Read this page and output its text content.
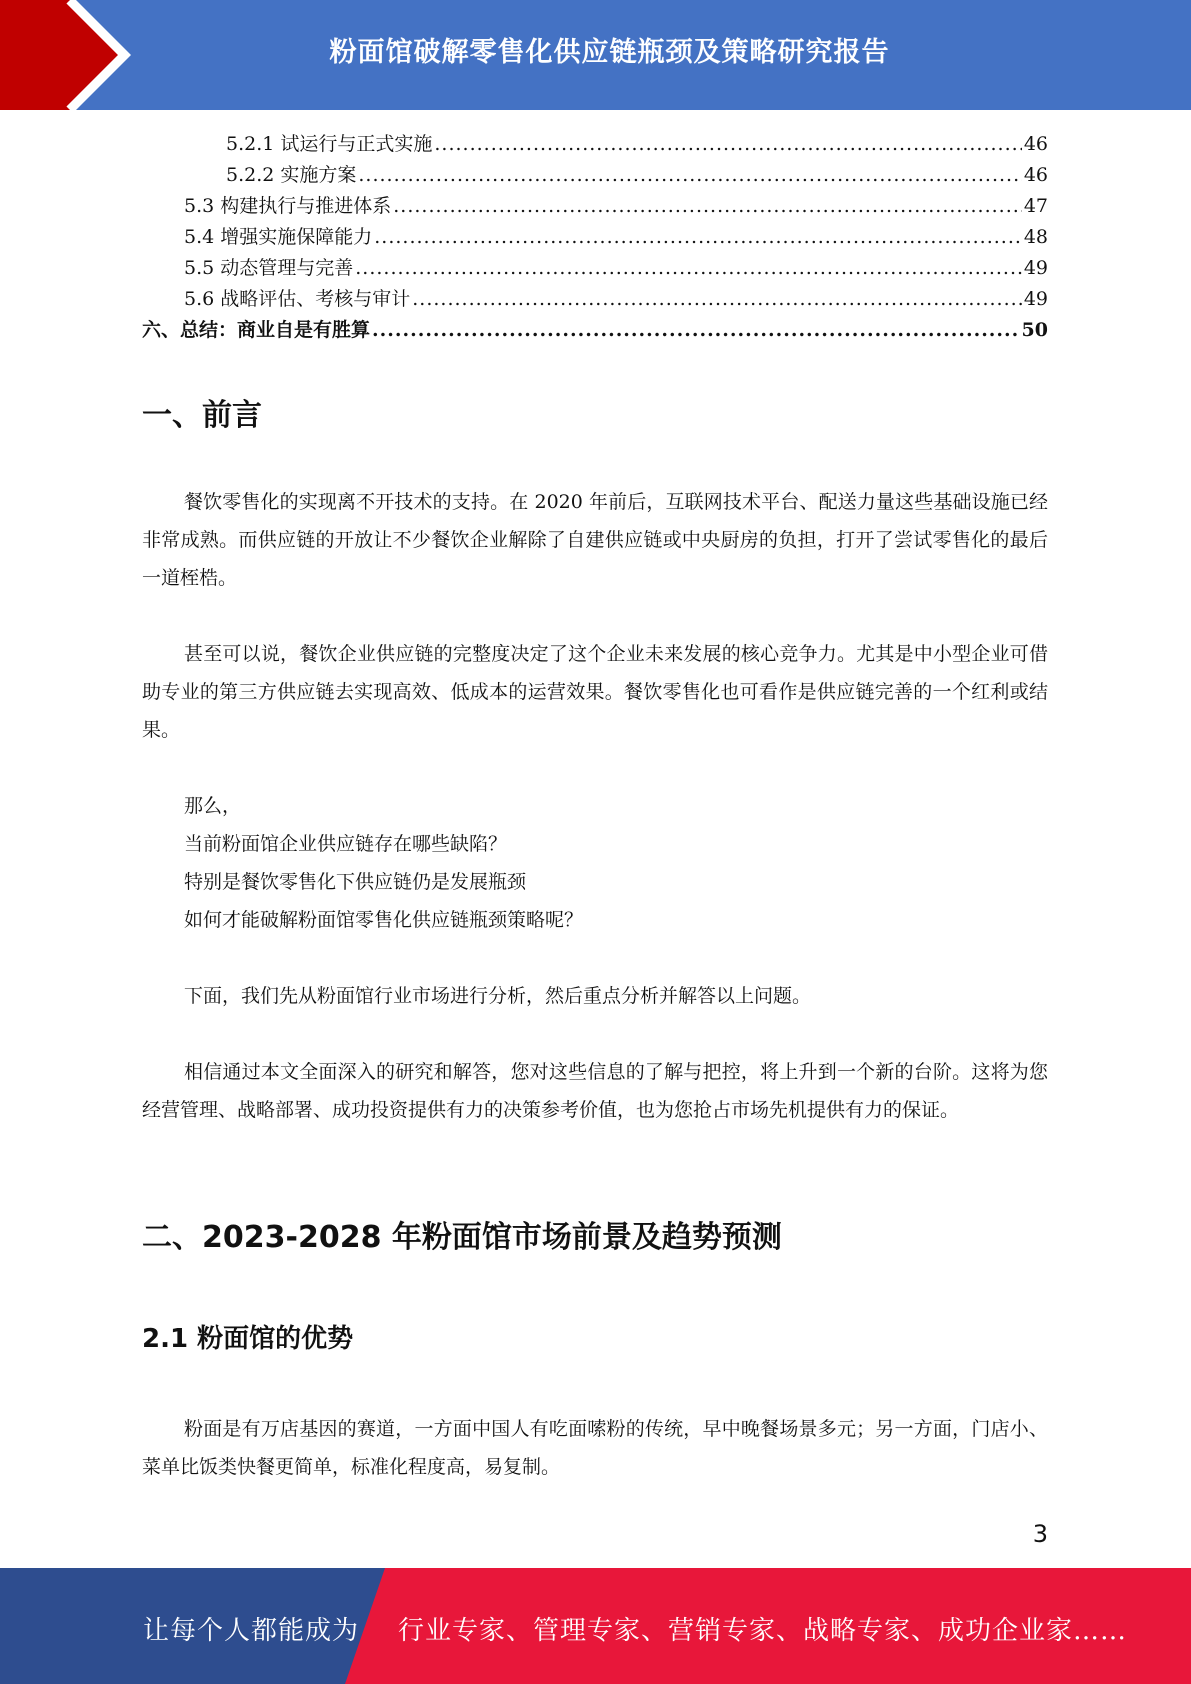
粉面馆破解零售化供应链瓶颈及策略研究报告
5.2.1 试运行与正式实施 .....	46
5.2.2 实施方案 .....	46
5.3 构建执行与推进体系 .....	47
5.4 增强实施保障能力 .....	48
5.5 动态管理与完善 .....	49
5.6 战略评估、考核与审计 .....	49
六、总结：商业自是有胜算 .....	50
一、前言

餐饮零售化的实现离不开技术的支持。在 2020 年前后，互联网技术平台、配送力量这些基础设施已经非常成熟。而供应链的开放让不少餐饮企业解除了自建供应链或中央厨房的负担，打开了尝试零售化的最后一道桎梏。

甚至可以说，餐饮企业供应链的完整度决定了这个企业未来发展的核心竞争力。尤其是中小型企业可借助专业的第三方供应链去实现高效、低成本的运营效果。餐饮零售化也可看作是供应链完善的一个红利或结果。

那么，
当前粉面馆企业供应链存在哪些缺陷？
特别是餐饮零售化下供应链仍是发展瓶颈
如何才能破解粉面馆零售化供应链瓶颈策略呢？

下面，我们先从粉面馆行业市场进行分析，然后重点分析并解答以上问题。

相信通过本文全面深入的研究和解答，您对这些信息的了解与把控，将上升到一个新的台阶。这将为您经营管理、战略部署、成功投资提供有力的决策参考价值，也为您抢占市场先机提供有力的保证。

二、2023-2028 年粉面馆市场前景及趋势预测
2.1 粉面馆的优势

粉面是有万店基因的赛道，一方面中国人有吃面嗦粉的传统，早中晚餐场景多元；另一方面，门店小、菜单比饭类快餐更简单，标准化程度高，易复制。

3
让每个人都能成为 行业专家、管理专家、营销专家、战略专家、成功企业家……
